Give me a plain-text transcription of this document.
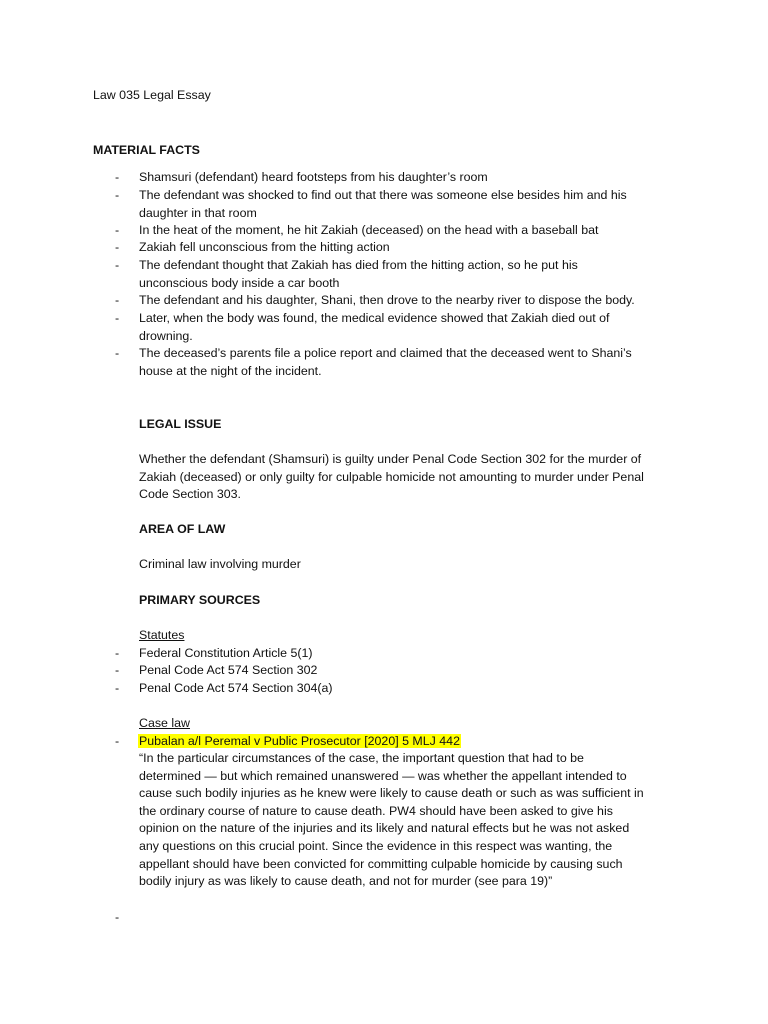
Law 035 Legal Essay
MATERIAL FACTS
- Shamsuri (defendant) heard footsteps from his daughter’s room
- The defendant was shocked to find out that there was someone else besides him and his
daughter in that room
- In the heat of the moment, he hit Zakiah (deceased) on the head with a baseball bat
- Zakiah fell unconscious from the hitting action
- The defendant thought that Zakiah has died from the hitting action, so he put his
unconscious body inside a car booth
- The defendant and his daughter, Shani, then drove to the nearby river to dispose the body.
- Later, when the body was found, the medical evidence showed that Zakiah died out of
drowning.
- The deceased’s parents file a police report and claimed that the deceased went to Shani’s
house at the night of the incident.
LEGAL ISSUE
Whether the defendant (Shamsuri) is guilty under Penal Code Section 302 for the murder of
Zakiah (deceased) or only guilty for culpable homicide not amounting to murder under Penal
Code Section 303.
AREA OF LAW
Criminal law involving murder
PRIMARY SOURCES
Statutes
- Federal Constitution Article 5(1)
- Penal Code Act 574 Section 302
- Penal Code Act 574 Section 304(a)
Case law
- Pubalan a/l Peremal v Public Prosecutor [2020] 5 MLJ 442
“In the particular circumstances of the case, the important question that had to be
determined — but which remained unanswered — was whether the appellant intended to
cause such bodily injuries as he knew were likely to cause death or such as was sufficient in
the ordinary course of nature to cause death. PW4 should have been asked to give his
opinion on the nature of the injuries and its likely and natural effects but he was not asked
any questions on this crucial point. Since the evidence in this respect was wanting, the
appellant should have been convicted for committing culpable homicide by causing such
bodily injury as was likely to cause death, and not for murder (see para 19)”
-
